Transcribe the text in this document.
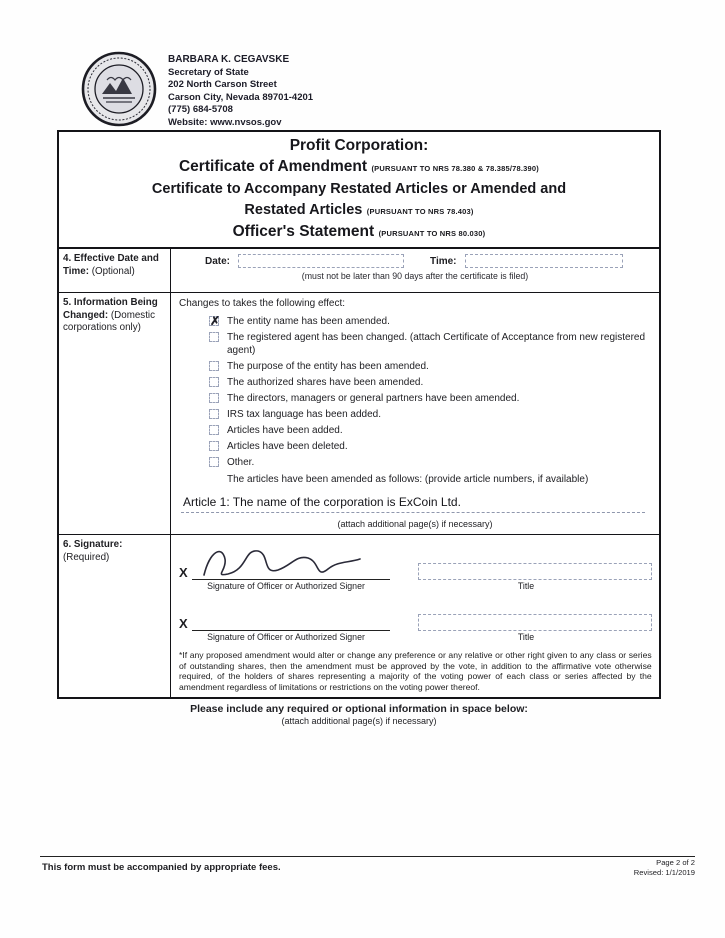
BARBARA K. CEGAVSKE
Secretary of State
202 North Carson Street
Carson City, Nevada 89701-4201
(775) 684-5708
Website: www.nvsos.gov
Profit Corporation:
Certificate of Amendment (PURSUANT TO NRS 78.380 & 78.385/78.390)
Certificate to Accompany Restated Articles or Amended and
Restated Articles (PURSUANT TO NRS 78.403)
Officer's Statement (PURSUANT TO NRS 80.030)
4. Effective Date and
Time: (Optional)
Date:	Time:
(must not be later than 90 days after the certificate is filed)
5. Information Being
Changed: (Domestic
corporations only)
Changes to takes the following effect:
✗ The entity name has been amended.
The registered agent has been changed. (attach Certificate of Acceptance from new registered agent)
The purpose of the entity has been amended.
The authorized shares have been amended.
The directors, managers or general partners have been amended.
IRS tax language has been added.
Articles have been added.
Articles have been deleted.
Other.
The articles have been amended as follows: (provide article numbers, if available)
Article 1: The name of the corporation is ExCoin Ltd.
(attach additional page(s) if necessary)
6. Signature:
(Required)
X
Signature of Officer or Authorized Signer	Title
X
Signature of Officer or Authorized Signer	Title
*If any proposed amendment would alter or change any preference or any relative or other right given to any class or series of outstanding shares, then the amendment must be approved by the vote, in addition to the affirmative vote otherwise required, of the holders of shares representing a majority of the voting power of each class or series affected by the amendment regardless of limitations or restrictions on the voting power thereof.
Please include any required or optional information in space below:
(attach additional page(s) if necessary)
This form must be accompanied by appropriate fees.	Page 2 of 2
Revised: 1/1/2019
